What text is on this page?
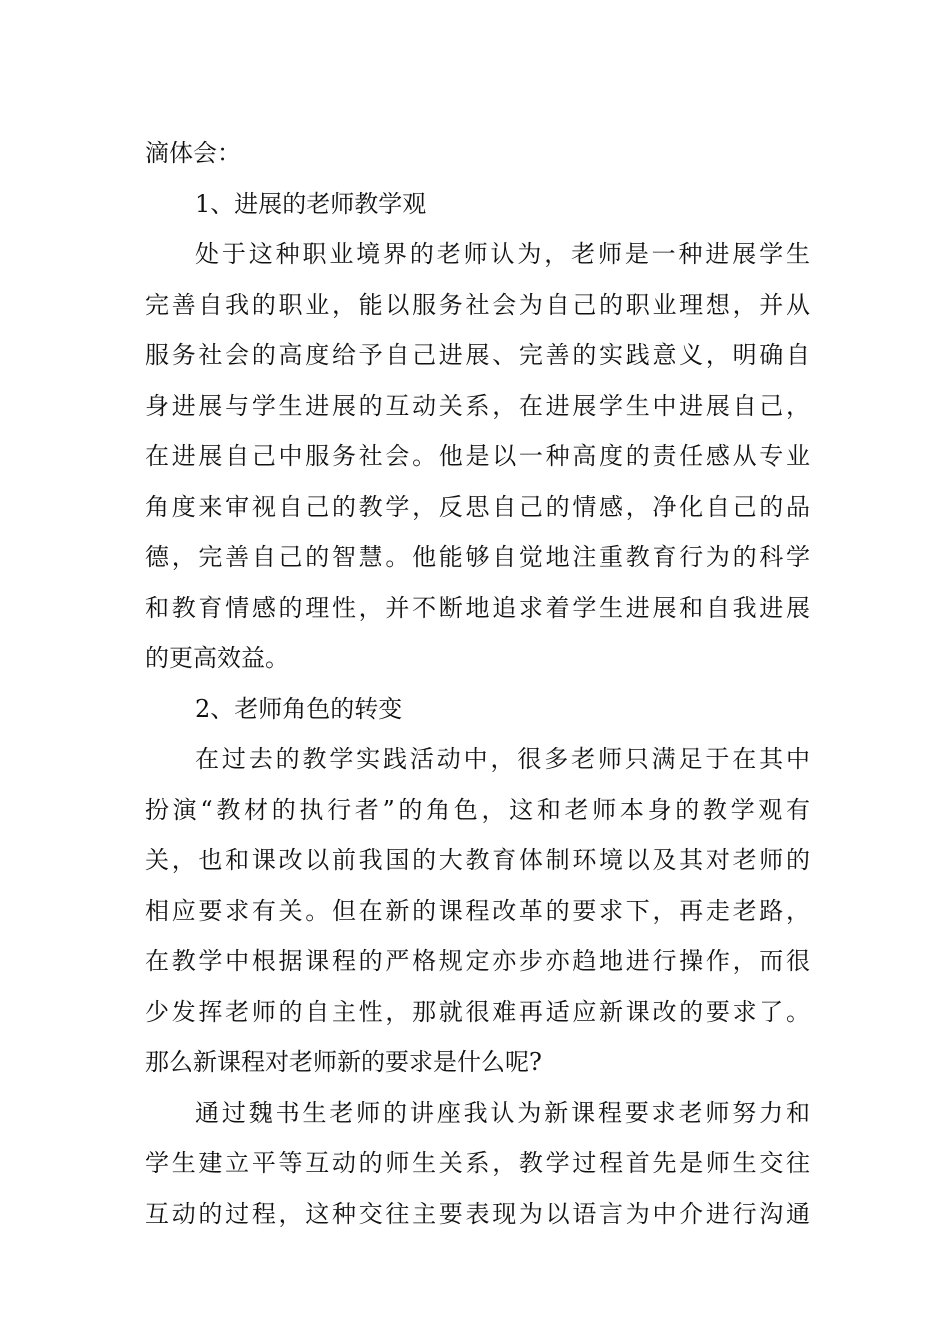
滴体会：
1、进展的老师教学观
处于这种职业境界的老师认为，老师是一种进展学生
完善自我的职业，能以服务社会为自己的职业理想，并从
服务社会的高度给予自己进展、完善的实践意义，明确自
身进展与学生进展的互动关系，在进展学生中进展自己，
在进展自己中服务社会。他是以一种高度的责任感从专业
角度来审视自己的教学，反思自己的情感，净化自己的品
德，完善自己的智慧。他能够自觉地注重教育行为的科学
和教育情感的理性，并不断地追求着学生进展和自我进展
的更高效益。
2、老师角色的转变
在过去的教学实践活动中，很多老师只满足于在其中
扮演“教材的执行者”的角色，这和老师本身的教学观有
关，也和课改以前我国的大教育体制环境以及其对老师的
相应要求有关。但在新的课程改革的要求下，再走老路，
在教学中根据课程的严格规定亦步亦趋地进行操作，而很
少发挥老师的自主性，那就很难再适应新课改的要求了。
那么新课程对老师新的要求是什么呢?
通过魏书生老师的讲座我认为新课程要求老师努力和
学生建立平等互动的师生关系，教学过程首先是师生交往
互动的过程，这种交往主要表现为以语言为中介进行沟通
